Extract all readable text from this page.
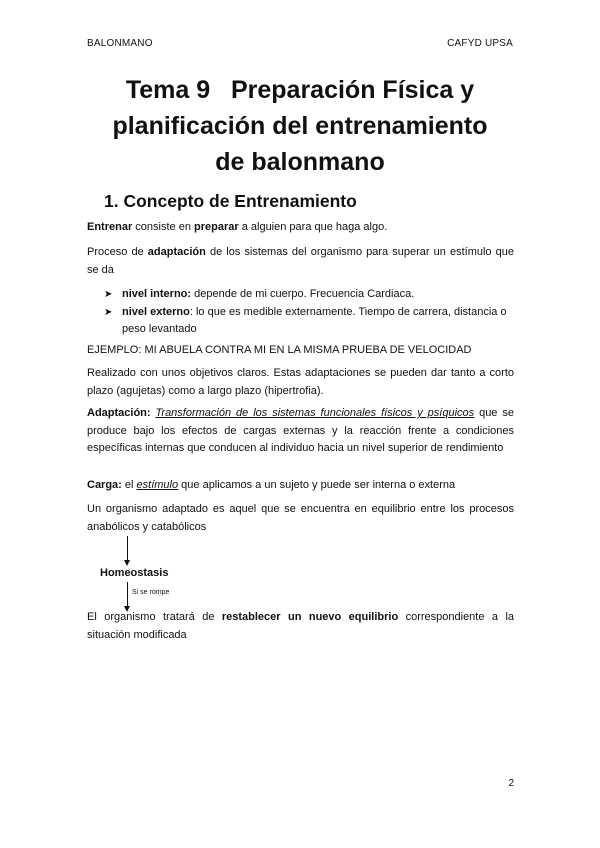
BALONMANO	CAFYD UPSA
Tema 9   Preparación Física y
planificación del entrenamiento
de balonmano
1. Concepto de Entrenamiento
Entrenar consiste en preparar a alguien para que haga algo.
Proceso de adaptación de los sistemas del organismo para superar un estímulo que se da
➤ nivel interno: depende de mi cuerpo. Frecuencia Cardiaca.
➤ nivel externo: lo que es medible externamente. Tiempo de carrera, distancia o peso levantado
EJEMPLO: MI ABUELA CONTRA MI EN LA MISMA PRUEBA DE VELOCIDAD
Realizado con unos objetivos claros. Estas adaptaciones se pueden dar tanto a corto plazo (agujetas) como a largo plazo (hipertrofia).
Adaptación: Transformación de los sistemas funcionales físicos y psíquicos que se produce bajo los efectos de cargas externas y la reacción frente a condiciones específicas internas que conducen al individuo hacia un nivel superior de rendimiento
Carga: el estímulo que aplicamos a un sujeto y puede ser interna o externa
Un organismo adaptado es aquel que se encuentra en equilibrio entre los procesos anabólicos y catabólicos
Homeostasis
Si se rompe
El organismo tratará de restablecer un nuevo equilibrio correspondiente a la situación modificada
2
